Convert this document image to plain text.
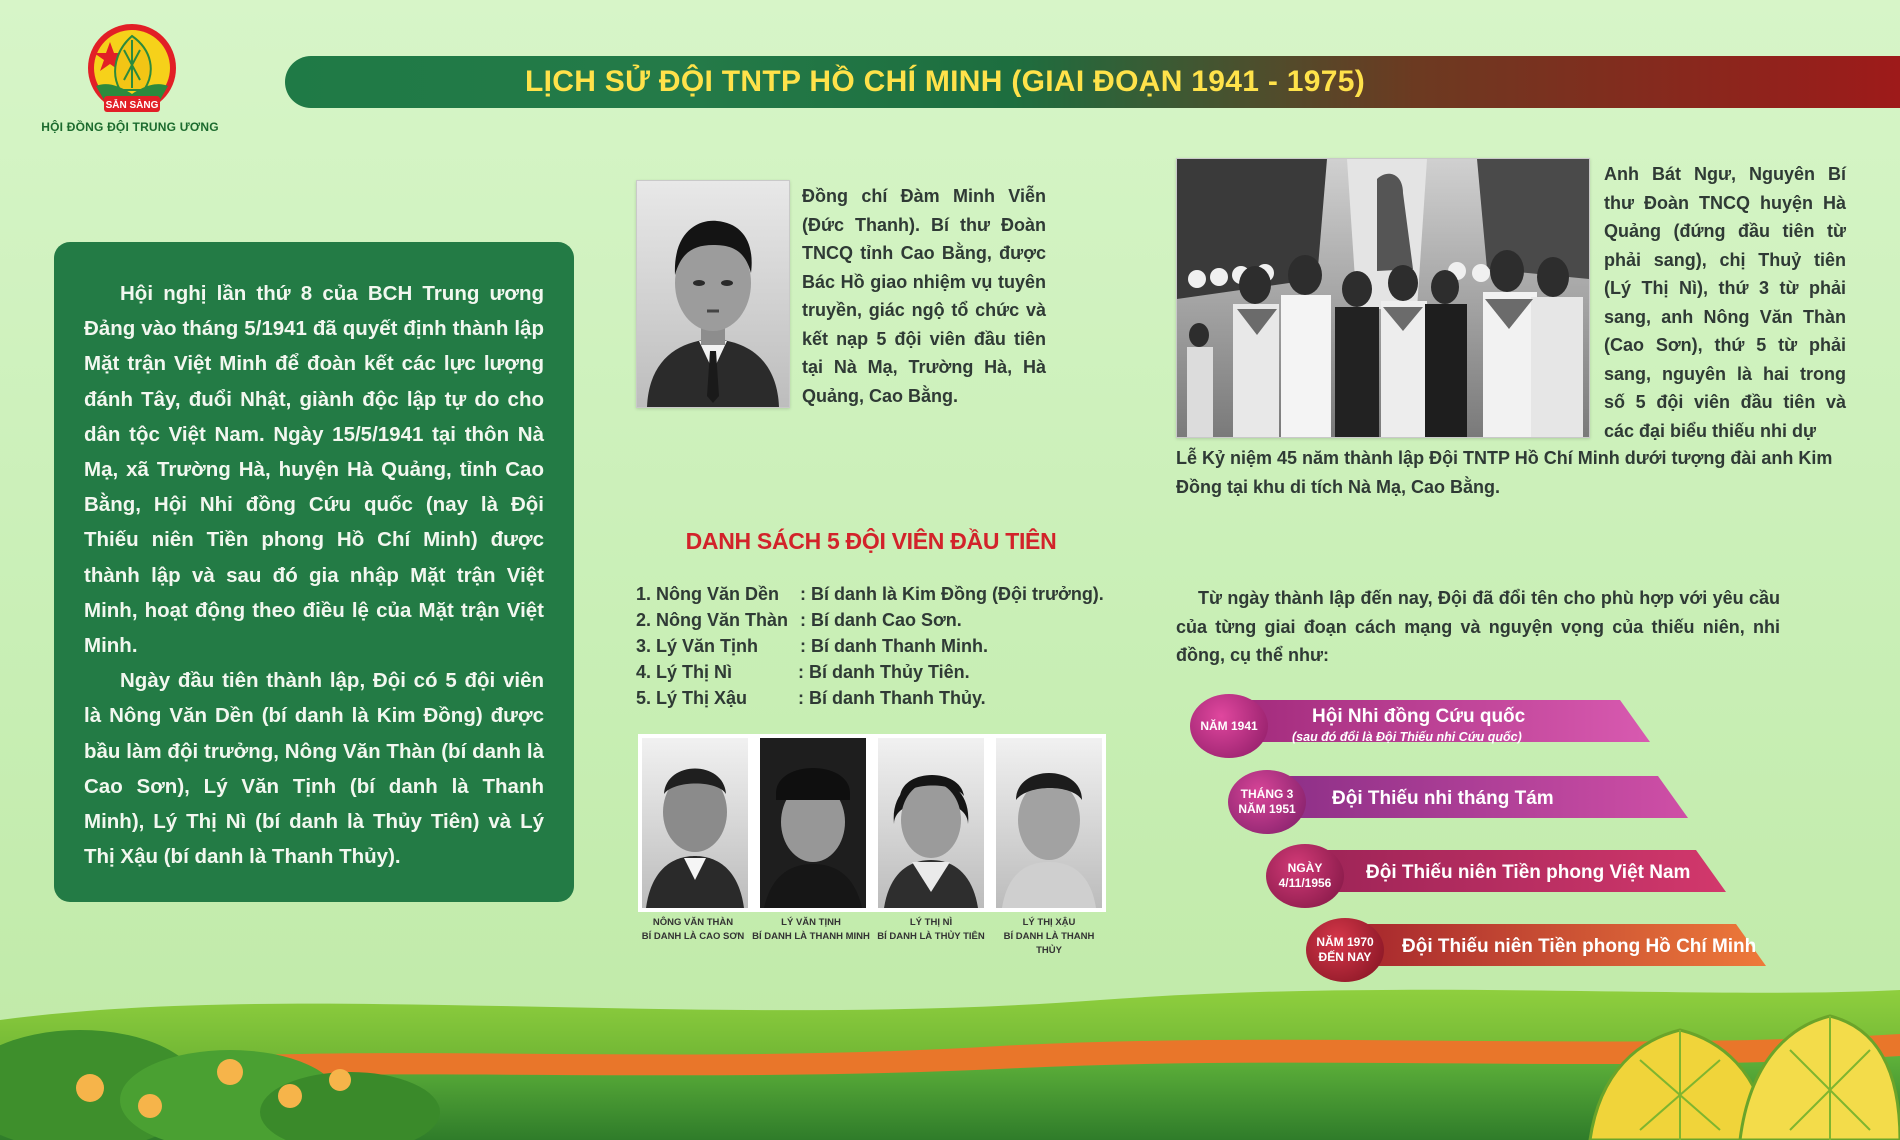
SẴN SÀNG
HỘI ĐỒNG ĐỘI TRUNG ƯƠNG
LỊCH SỬ ĐỘI TNTP HỒ CHÍ MINH (GIAI ĐOẠN 1941 - 1975)

Hội nghị lần thứ 8 của BCH Trung ương Đảng vào tháng 5/1941 đã quyết định thành lập Mặt trận Việt Minh để đoàn kết các lực lượng đánh Tây, đuổi Nhật, giành độc lập tự do cho dân tộc Việt Nam. Ngày 15/5/1941 tại thôn Nà Mạ, xã Trường Hà, huyện Hà Quảng, tỉnh Cao Bằng, Hội Nhi đồng Cứu quốc (nay là Đội Thiếu niên Tiền phong Hồ Chí Minh) được thành lập và sau đó gia nhập Mặt trận Việt Minh, hoạt động theo điều lệ của Mặt trận Việt Minh.

Ngày đầu tiên thành lập, Đội có 5 đội viên là Nông Văn Dền (bí danh là Kim Đồng) được bầu làm đội trưởng, Nông Văn Thàn (bí danh là Cao Sơn), Lý Văn Tịnh (bí danh là Thanh Minh), Lý Thị Nì (bí danh là Thủy Tiên) và Lý Thị Xậu (bí danh là Thanh Thủy).

Đồng chí Đàm Minh Viễn (Đức Thanh). Bí thư Đoàn TNCQ tỉnh Cao Bằng, được Bác Hồ giao nhiệm vụ tuyên truyền, giác ngộ tổ chức và kết nạp 5 đội viên đầu tiên tại Nà Mạ, Trường Hà, Hà Quảng, Cao Bằng.
Anh Bát Ngư, Nguyên Bí thư Đoàn TNCQ huyện Hà Quảng (đứng đầu tiên từ phải sang), chị Thuỷ tiên (Lý Thị Nì), thứ 3 từ phải sang, anh Nông Văn Thàn (Cao Sơn), thứ 5 từ phải sang, nguyên là hai trong số 5 đội viên đầu tiên và các đại biểu thiếu nhi dự
Lễ Kỷ niệm 45 năm thành lập Đội TNTP Hồ Chí Minh dưới tượng đài anh Kim Đồng tại khu di tích Nà Mạ, Cao Bằng.
DANH SÁCH 5 ĐỘI VIÊN ĐẦU TIÊN
1. Nông Văn Dền : Bí danh là Kim Đồng (Đội trưởng).
2. Nông Văn Thàn : Bí danh Cao Sơn.
3. Lý Văn Tịnh : Bí danh Thanh Minh.
4. Lý Thị Nì	: Bí danh Thủy Tiên.
5. Lý Thị Xậu	: Bí danh Thanh Thủy.
NÔNG VĂN THÀN
BÍ DANH LÀ CAO SƠN
LÝ VĂN TỊNH
BÍ DANH LÀ THANH MINH
LÝ THỊ NÌ
BÍ DANH LÀ THỦY TIÊN
LÝ THỊ XẬU
BÍ DANH LÀ THANH THỦY
Từ ngày thành lập đến nay, Đội đã đổi tên cho phù hợp với yêu cầu của từng giai đoạn cách mạng và nguyện vọng của thiếu niên, nhi đồng, cụ thể như:
NĂM 1941	Hội Nhi đồng Cứu quốc
(sau đó đổi là Đội Thiếu nhi Cứu quốc)
THÁNG 3
NĂM 1951 Đội Thiếu nhi tháng Tám
NGÀY
4/11/1956 Đội Thiếu niên Tiền phong Việt Nam
NĂM 1970
ĐẾN NAY Đội Thiếu niên Tiền phong Hồ Chí Minh
